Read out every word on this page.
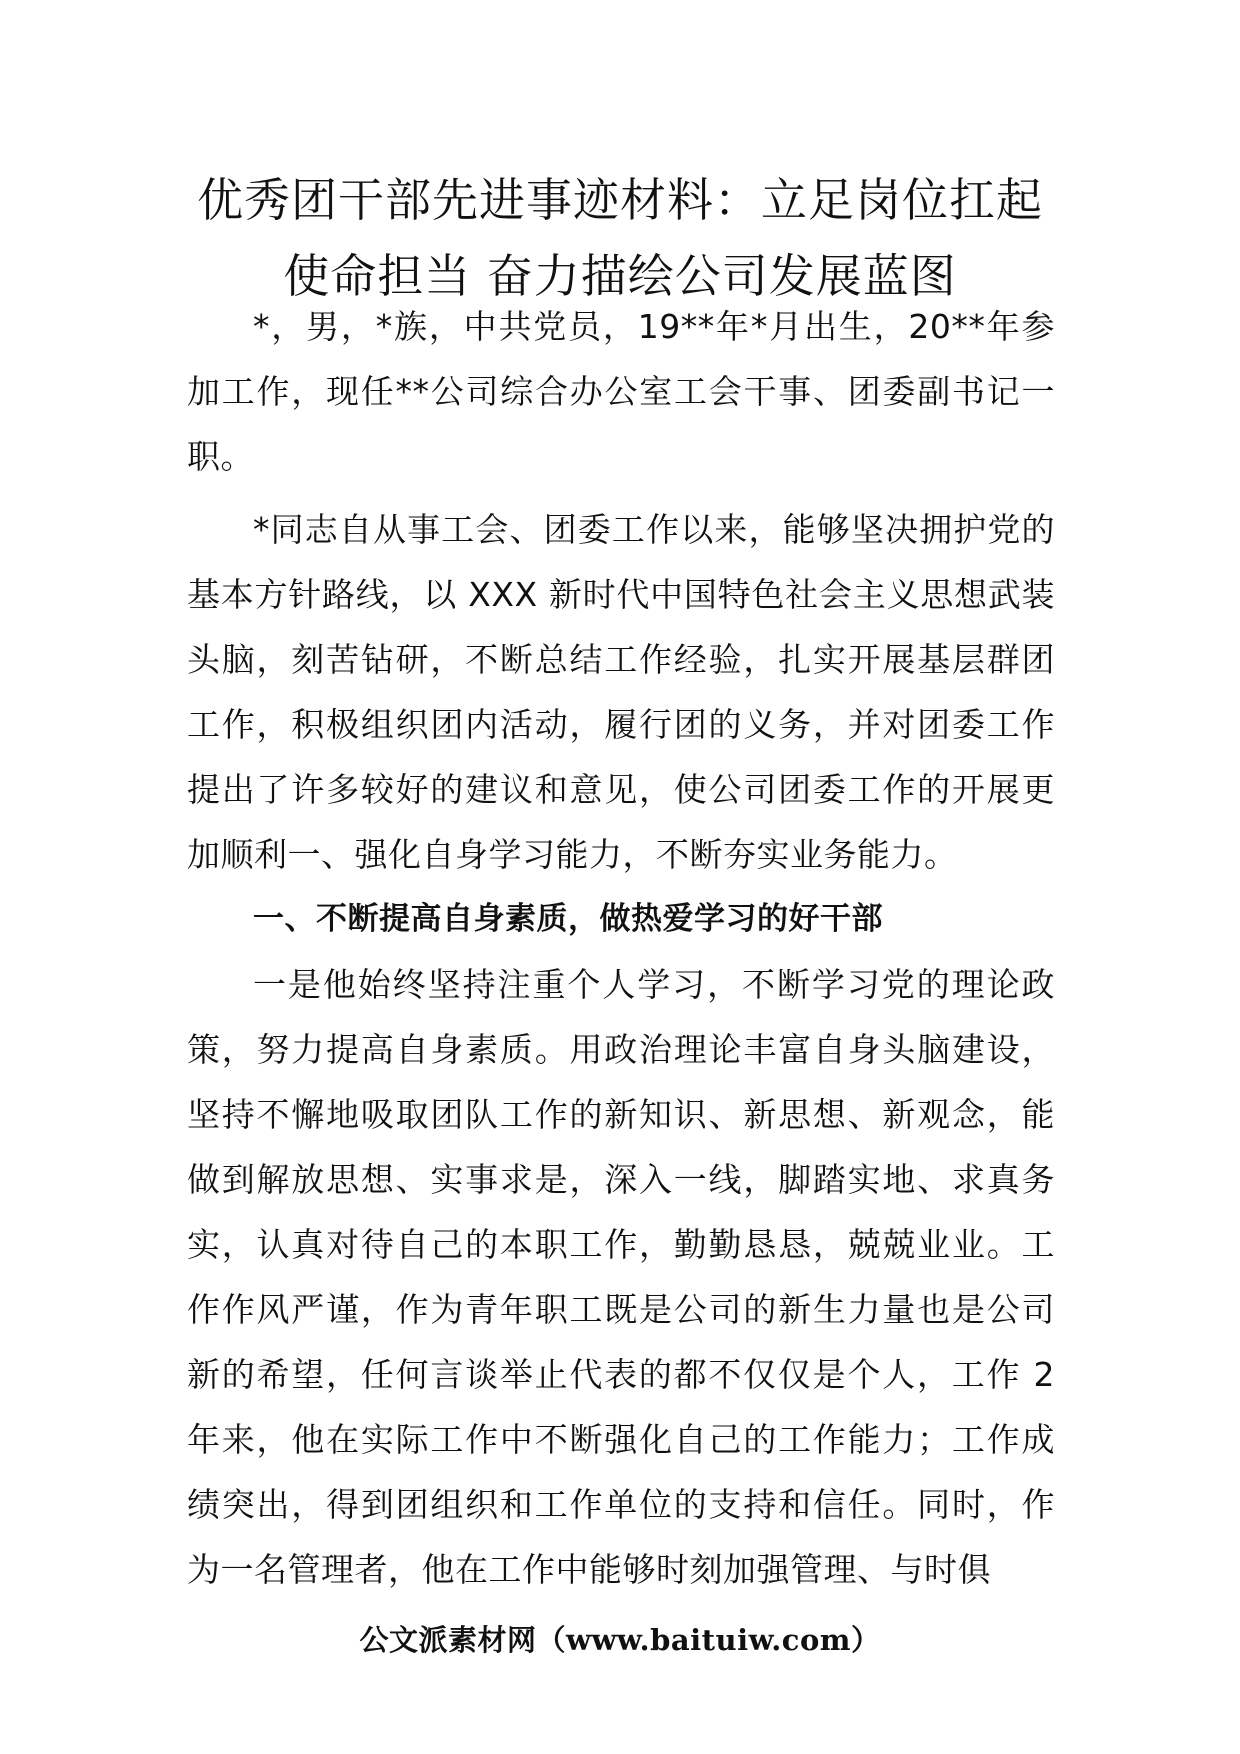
优秀团干部先进事迹材料：立足岗位扛起
使命担当 奋力描绘公司发展蓝图

*，男，*族，中共党员，19**年*月出生，20**年参加工作，现任**公司综合办公室工会干事、团委副书记一职。

*同志自从事工会、团委工作以来，能够坚决拥护党的基本方针路线，以 XXX 新时代中国特色社会主义思想武装头脑，刻苦钻研，不断总结工作经验，扎实开展基层群团工作，积极组织团内活动，履行团的义务，并对团委工作提出了许多较好的建议和意见，使公司团委工作的开展更加顺利一、强化自身学习能力，不断夯实业务能力。

一、不断提高自身素质，做热爱学习的好干部

一是他始终坚持注重个人学习，不断学习党的理论政策，努力提高自身素质。用政治理论丰富自身头脑建设，坚持不懈地吸取团队工作的新知识、新思想、新观念，能做到解放思想、实事求是，深入一线，脚踏实地、求真务实，认真对待自己的本职工作，勤勤恳恳，兢兢业业。工作作风严谨，作为青年职工既是公司的新生力量也是公司新的希望，任何言谈举止代表的都不仅仅是个人，工作 2 年来，他在实际工作中不断强化自己的工作能力；工作成绩突出，得到团组织和工作单位的支持和信任。同时，作为一名管理者，他在工作中能够时刻加强管理、与时俱

公文派素材网（www.baituiw.com）
